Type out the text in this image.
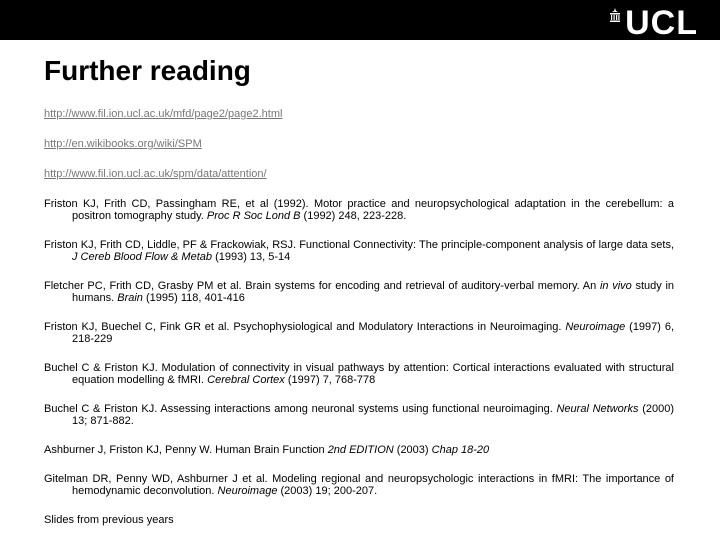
UCL
Further reading
http://www.fil.ion.ucl.ac.uk/mfd/page2/page2.html
http://en.wikibooks.org/wiki/SPM
http://www.fil.ion.ucl.ac.uk/spm/data/attention/

Friston KJ, Frith CD, Passingham RE, et al (1992). Motor practice and neuropsychological adaptation in the cerebellum: a positron tomography study. Proc R Soc Lond B (1992) 248, 223-228.

Friston KJ, Frith CD, Liddle, PF & Frackowiak, RSJ. Functional Connectivity: The principle-component analysis of large data sets, J Cereb Blood Flow & Metab (1993) 13, 5-14

Fletcher PC, Frith CD, Grasby PM et al. Brain systems for encoding and retrieval of auditory-verbal memory. An in vivo study in humans. Brain (1995) 118, 401-416

Friston KJ, Buechel C, Fink GR et al. Psychophysiological and Modulatory Interactions in Neuroimaging. Neuroimage (1997) 6, 218-229

Buchel C & Friston KJ. Modulation of connectivity in visual pathways by attention: Cortical interactions evaluated with structural equation modelling & fMRI. Cerebral Cortex (1997) 7, 768-778

Buchel C & Friston KJ. Assessing interactions among neuronal systems using functional neuroimaging. Neural Networks (2000) 13; 871-882.

Ashburner J, Friston KJ, Penny W. Human Brain Function 2nd EDITION (2003) Chap 18-20

Gitelman DR, Penny WD, Ashburner J et al. Modeling regional and neuropsychologic interactions in fMRI: The importance of hemodynamic deconvolution. Neuroimage (2003) 19; 200-207.

Slides from previous years
